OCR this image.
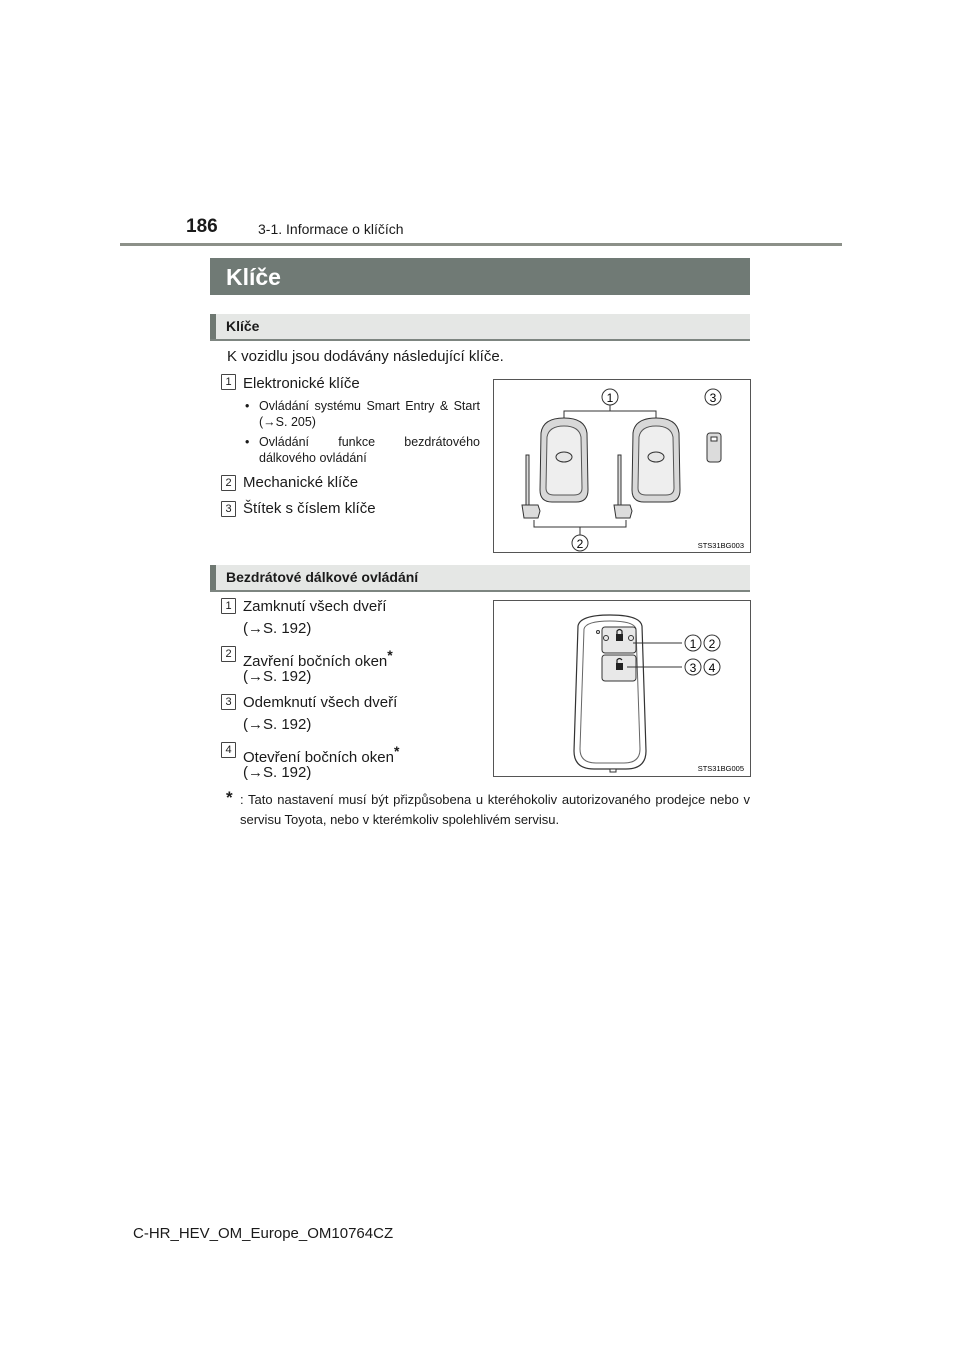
186	3-1. Informace o klíčích
Klíče
Klíče
K vozidlu jsou dodávány následující klíče.
1 Elektronické klíče
• Ovládání systému Smart Entry & Start (→S. 205)
• Ovládání funkce bezdrátového dálkového ovládání
2 Mechanické klíče
3 Štítek s číslem klíče
1
2
3
STS31BG003
Bezdrátové dálkové ovládání
1 Zamknutí všech dveří
(→S. 192)
2 Zavření bočních oken*
(→S. 192)
3 Odemknutí všech dveří
(→S. 192)
4 Otevření bočních oken*
(→S. 192)
1 2
3 4
STS31BG005
* : Tato nastavení musí být přizpůsobena u kteréhokoliv autorizovaného prodejce nebo v servisu Toyota, nebo v kterémkoliv spolehlivém servisu.
C-HR_HEV_OM_Europe_OM10764CZ
